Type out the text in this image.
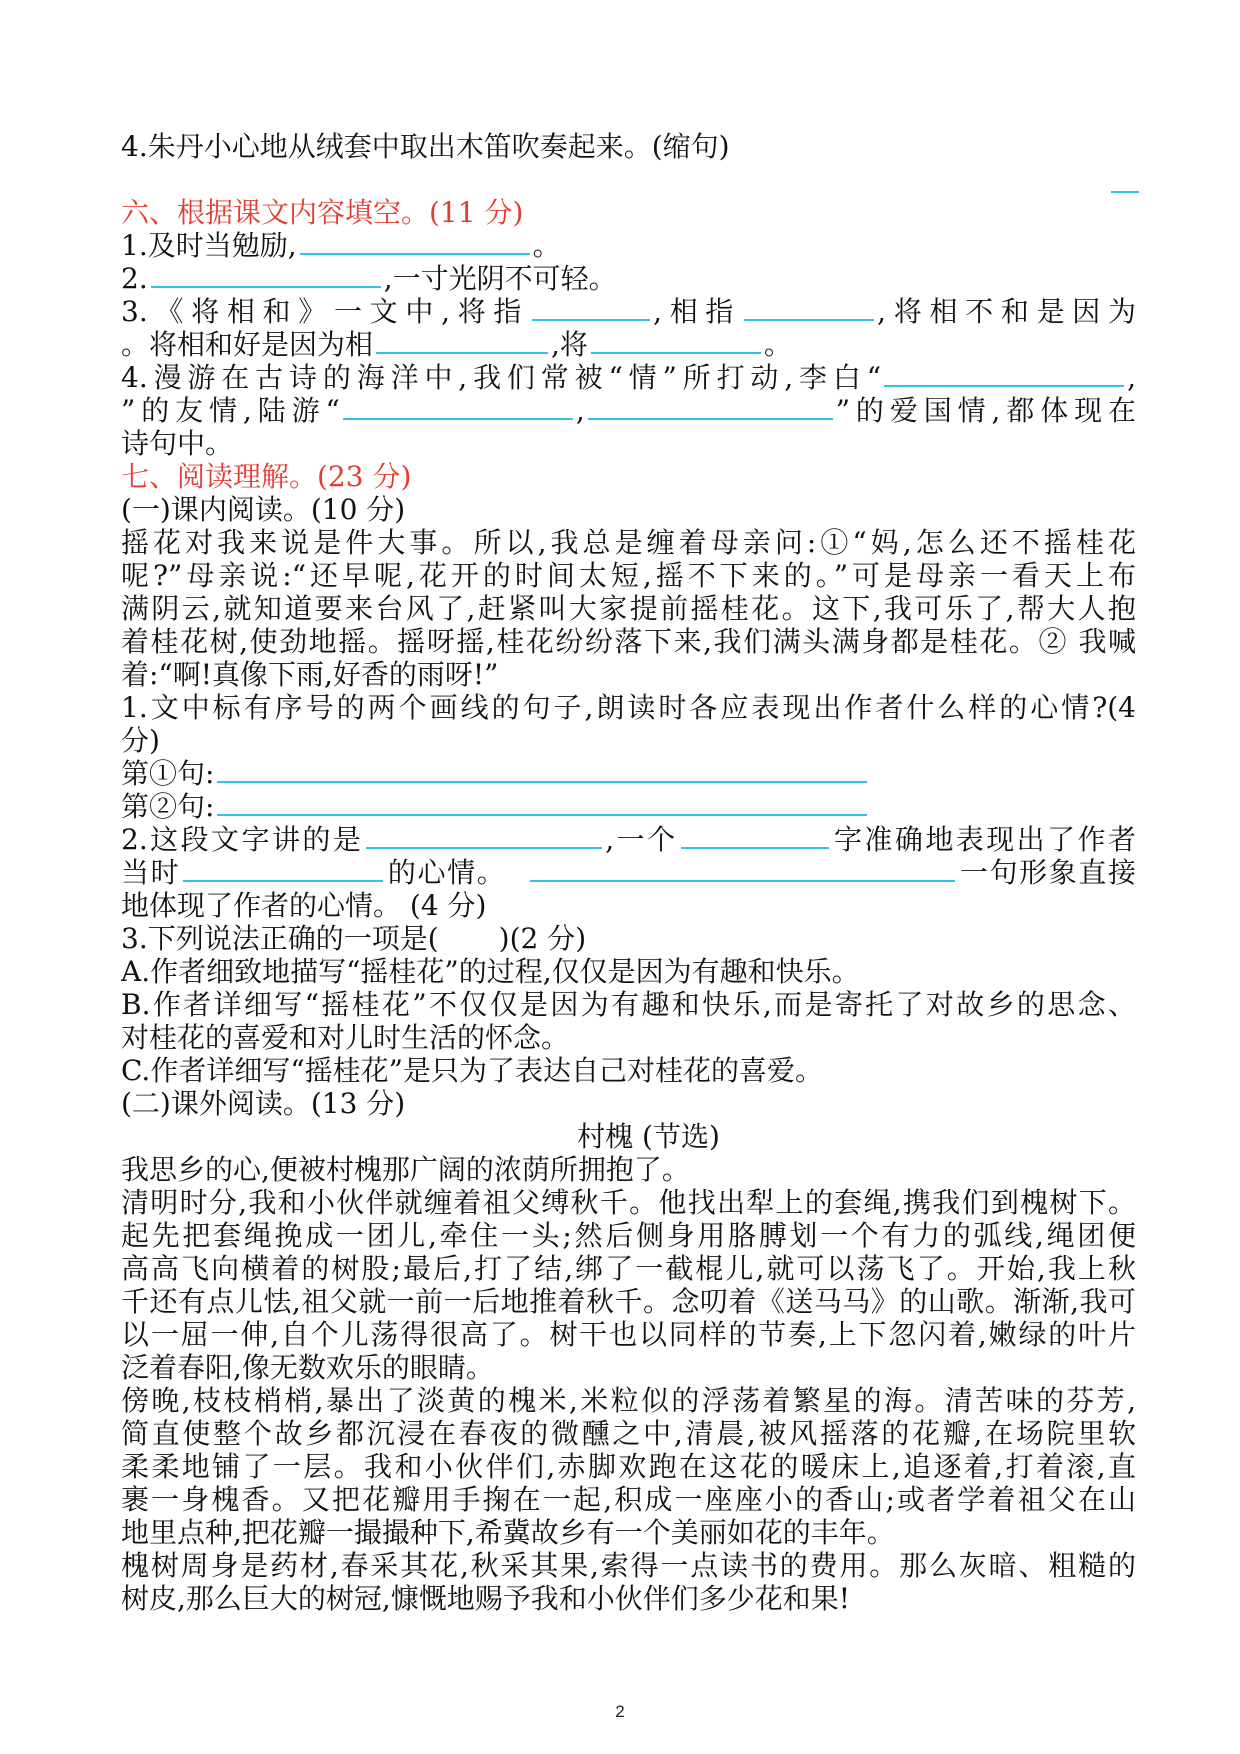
4.朱丹小心地从绒套中取出木笛吹奏起来。(缩句)
六、根据课文内容填空。(11 分)
1.及时当勉励,	。
2.	,一寸光阴不可轻。
3.《将相和》一文中,将指	,相指	,将相不和是因为
。将相和好是因为相	,将	。
4.漫游在古诗的海洋中,我们常被“情”所打动,李白“	,
”的友情,陆游“	,	”的爱国情,都体现在
诗句中。
七、阅读理解。(23 分)
(一)课内阅读。(10 分)
摇花对我来说是件大事。所以,我总是缠着母亲问:①“妈,怎么还不摇桂花
呢?”母亲说:“还早呢,花开的时间太短,摇不下来的。”可是母亲一看天上布
满阴云,就知道要来台风了,赶紧叫大家提前摇桂花。这下,我可乐了,帮大人抱
着桂花树,使劲地摇。摇呀摇,桂花纷纷落下来,我们满头满身都是桂花。② 我喊
着:“啊!真像下雨,好香的雨呀!”
1.文中标有序号的两个画线的句子,朗读时各应表现出作者什么样的心情?(4
分)
第①句:
第②句:
2.这段文字讲的是	,一个	字准确地表现出了作者
当时	的心情。	一句形象直接
地体现了作者的心情。 (4 分)
3.下列说法正确的一项是( )(2 分)
A.作者细致地描写“摇桂花”的过程,仅仅是因为有趣和快乐。
B.作者详细写“摇桂花”不仅仅是因为有趣和快乐,而是寄托了对故乡的思念、
对桂花的喜爱和对儿时生活的怀念。
C.作者详细写“摇桂花”是只为了表达自己对桂花的喜爱。
(二)课外阅读。(13 分)
村槐 (节选)
我思乡的心,便被村槐那广阔的浓荫所拥抱了。
清明时分,我和小伙伴就缠着祖父缚秋千。他找出犁上的套绳,携我们到槐树下。
起先把套绳挽成一团儿,牵住一头;然后侧身用胳膊划一个有力的弧线,绳团便
高高飞向横着的树股;最后,打了结,绑了一截棍儿,就可以荡飞了。开始,我上秋
千还有点儿怯,祖父就一前一后地推着秋千。念叨着《送马马》的山歌。渐渐,我可
以一屈一伸,自个儿荡得很高了。树干也以同样的节奏,上下忽闪着,嫩绿的叶片
泛着春阳,像无数欢乐的眼睛。
傍晚,枝枝梢梢,暴出了淡黄的槐米,米粒似的浮荡着繁星的海。清苦味的芬芳,
简直使整个故乡都沉浸在春夜的微醺之中,清晨,被风摇落的花瓣,在场院里软
柔柔地铺了一层。我和小伙伴们,赤脚欢跑在这花的暖床上,追逐着,打着滚,直
裹一身槐香。又把花瓣用手掬在一起,积成一座座小的香山;或者学着祖父在山
地里点种,把花瓣一撮撮种下,希冀故乡有一个美丽如花的丰年。
槐树周身是药材,春采其花,秋采其果,索得一点读书的费用。那么灰暗、粗糙的
树皮,那么巨大的树冠,慷慨地赐予我和小伙伴们多少花和果!
2
